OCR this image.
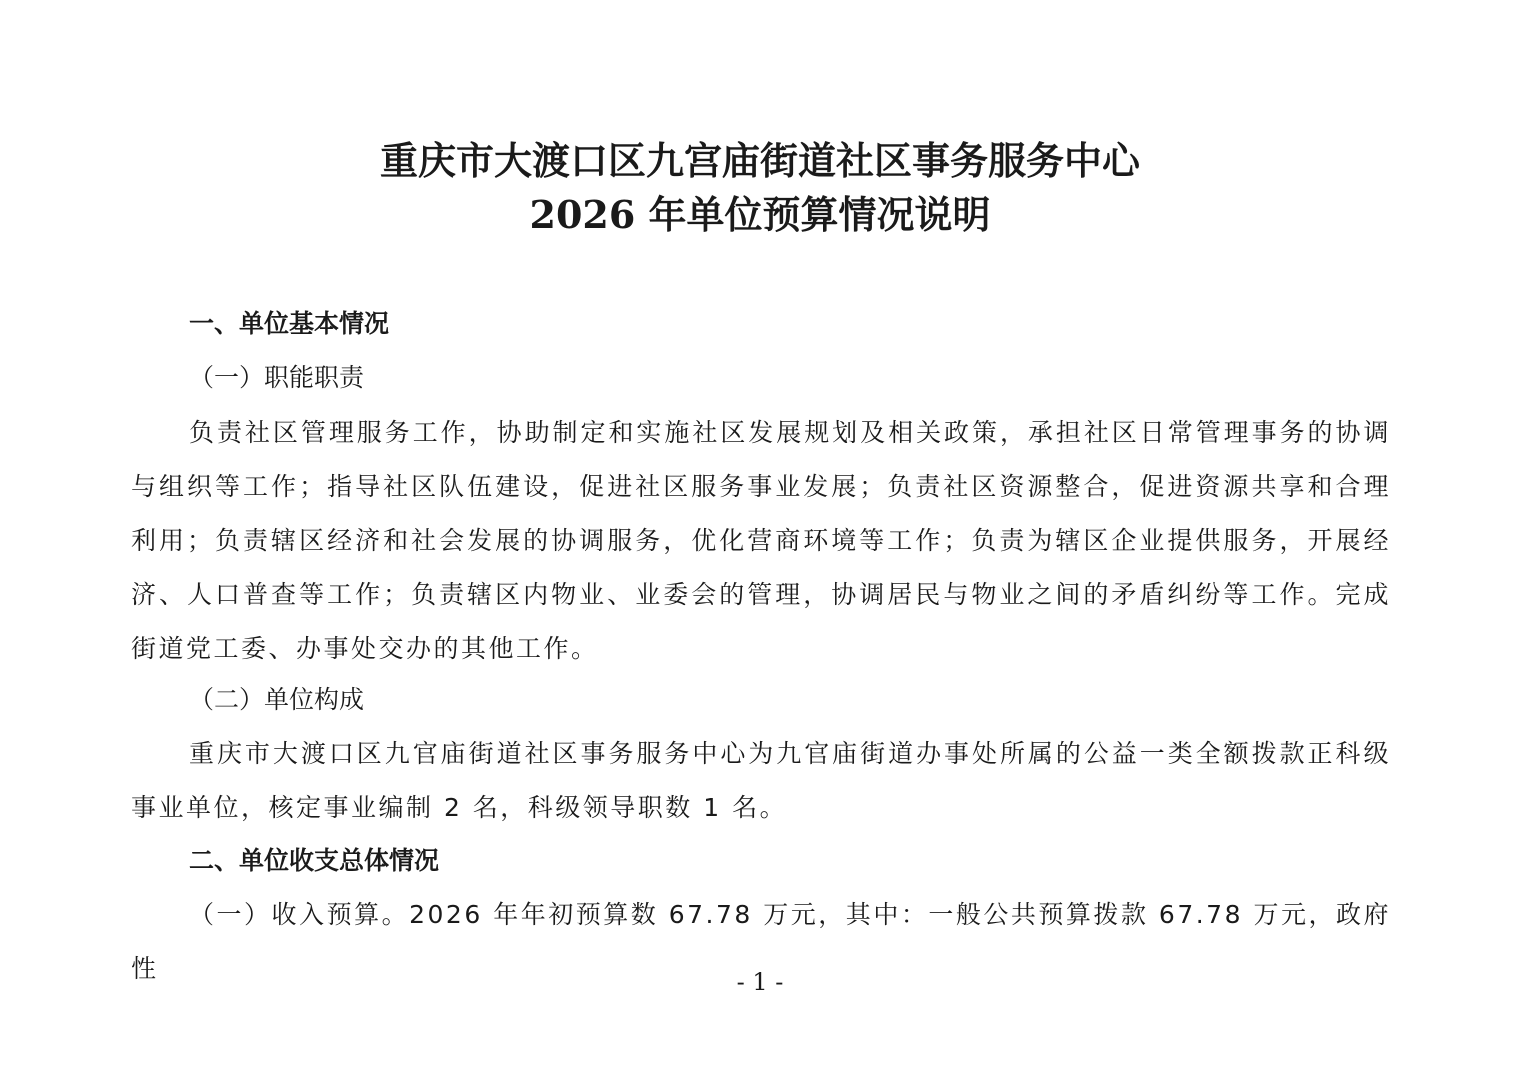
重庆市大渡口区九宫庙街道社区事务服务中心
2026 年单位预算情况说明
一、单位基本情况
（一）职能职责

负责社区管理服务工作，协助制定和实施社区发展规划及相关政策，承担社区日常管理事务的协调与组织等工作；指导社区队伍建设，促进社区服务事业发展；负责社区资源整合，促进资源共享和合理利用；负责辖区经济和社会发展的协调服务，优化营商环境等工作；负责为辖区企业提供服务，开展经济、人口普查等工作；负责辖区内物业、业委会的管理，协调居民与物业之间的矛盾纠纷等工作。完成街道党工委、办事处交办的其他工作。

（二）单位构成

重庆市大渡口区九官庙街道社区事务服务中心为九官庙街道办事处所属的公益一类全额拨款正科级事业单位，核定事业编制 2 名，科级领导职数 1 名。

二、单位收支总体情况

（一）收入预算。2026 年年初预算数 67.78 万元，其中：一般公共预算拨款 67.78 万元，政府性	- 1 -
